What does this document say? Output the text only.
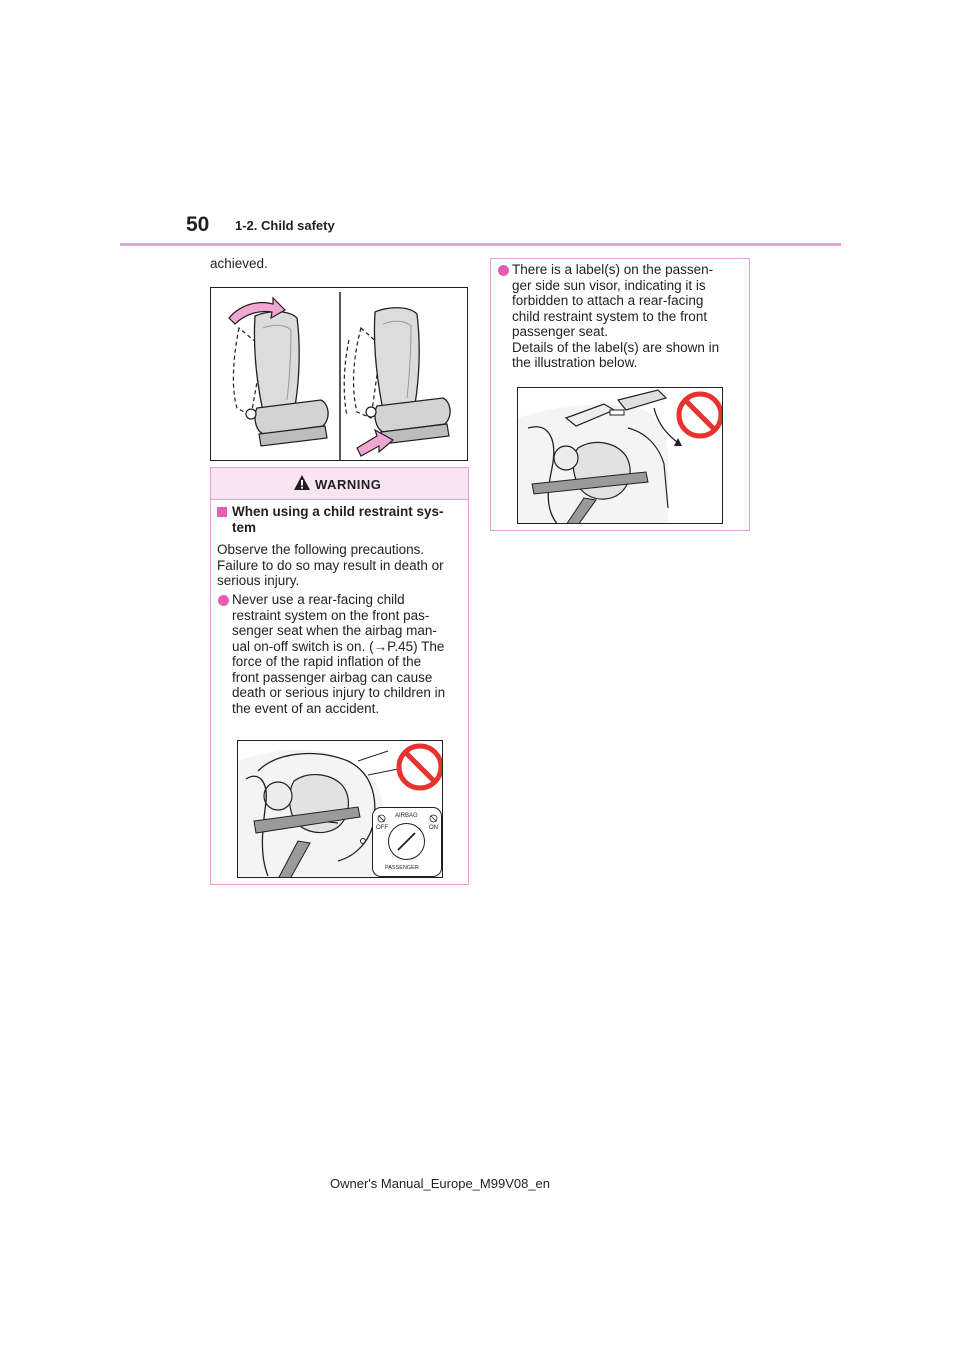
50 1-2. Child safety
achieved.
WARNING
When using a child restraint sys-
tem
Observe the following precautions.
Failure to do so may result in death or
serious injury.
Never use a rear-facing child
restraint system on the front pas-
senger seat when the airbag man-
ual on-off switch is on. (→P.45) The
force of the rapid inflation of the
front passenger airbag can cause
death or serious injury to children in
the event of an accident.
AIRBAG
OFF	ON
PASSENGER
There is a label(s) on the passen-
ger side sun visor, indicating it is
forbidden to attach a rear-facing
child restraint system to the front
passenger seat.
Details of the label(s) are shown in
the illustration below.
Owner's Manual_Europe_M99V08_en
